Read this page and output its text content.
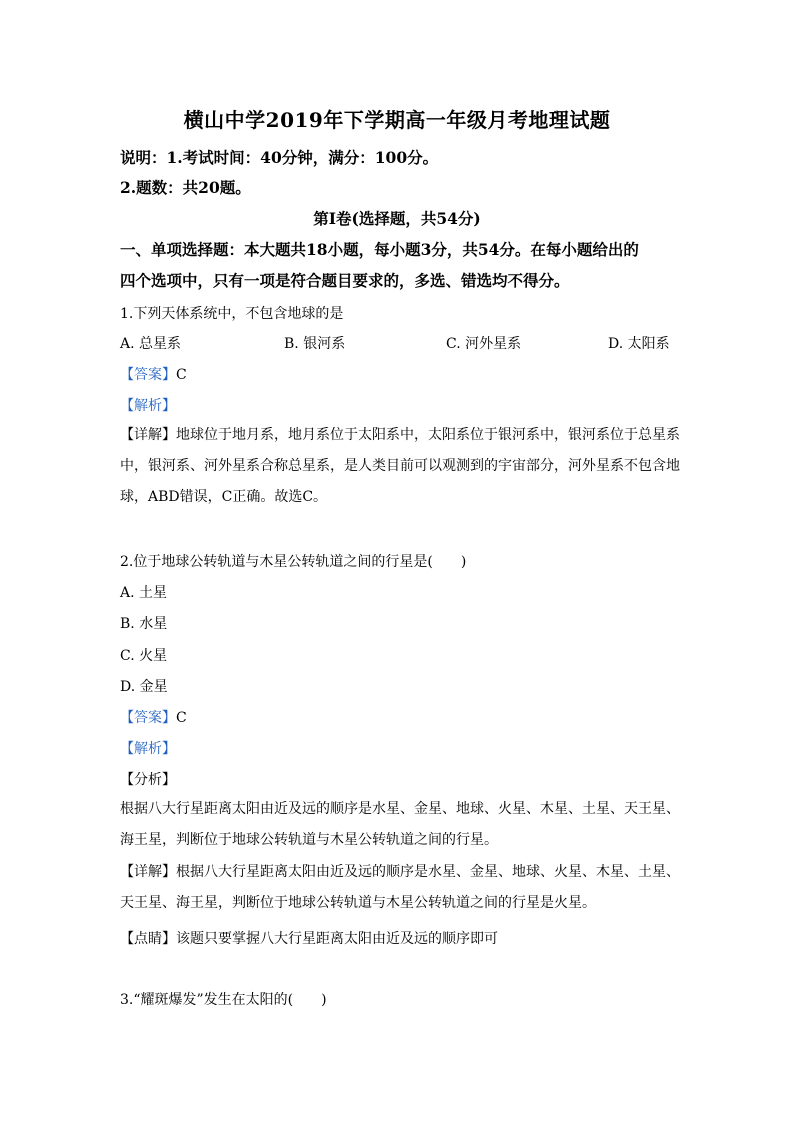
横山中学2019年下学期高一年级月考地理试题
说明：1.考试时间：40分钟，满分：100分。
2.题数：共20题。
第Ⅰ卷(选择题，共54分)
一、单项选择题：本大题共18小题，每小题3分，共54分。在每小题给出的
四个选项中，只有一项是符合题目要求的，多选、错选均不得分。
1.下列天体系统中，不包含地球的是
A. 总星系	B. 银河系	C. 河外星系	D. 太阳系
【答案】C
【解析】
【详解】地球位于地月系，地月系位于太阳系中，太阳系位于银河系中，银河系位于总星系
中，银河系、河外星系合称总星系，是人类目前可以观测到的宇宙部分，河外星系不包含地
球，ABD错误，C正确。故选C。
2.位于地球公转轨道与木星公转轨道之间的行星是(　　)
A. 土星
B. 水星
C. 火星
D. 金星
【答案】C
【解析】
【分析】
根据八大行星距离太阳由近及远的顺序是水星、金星、地球、火星、木星、土星、天王星、
海王星，判断位于地球公转轨道与木星公转轨道之间的行星。
【详解】根据八大行星距离太阳由近及远的顺序是水星、金星、地球、火星、木星、土星、
天王星、海王星，判断位于地球公转轨道与木星公转轨道之间的行星是火星。
【点睛】该题只要掌握八大行星距离太阳由近及远的顺序即可
3.“耀斑爆发”发生在太阳的(　　)
